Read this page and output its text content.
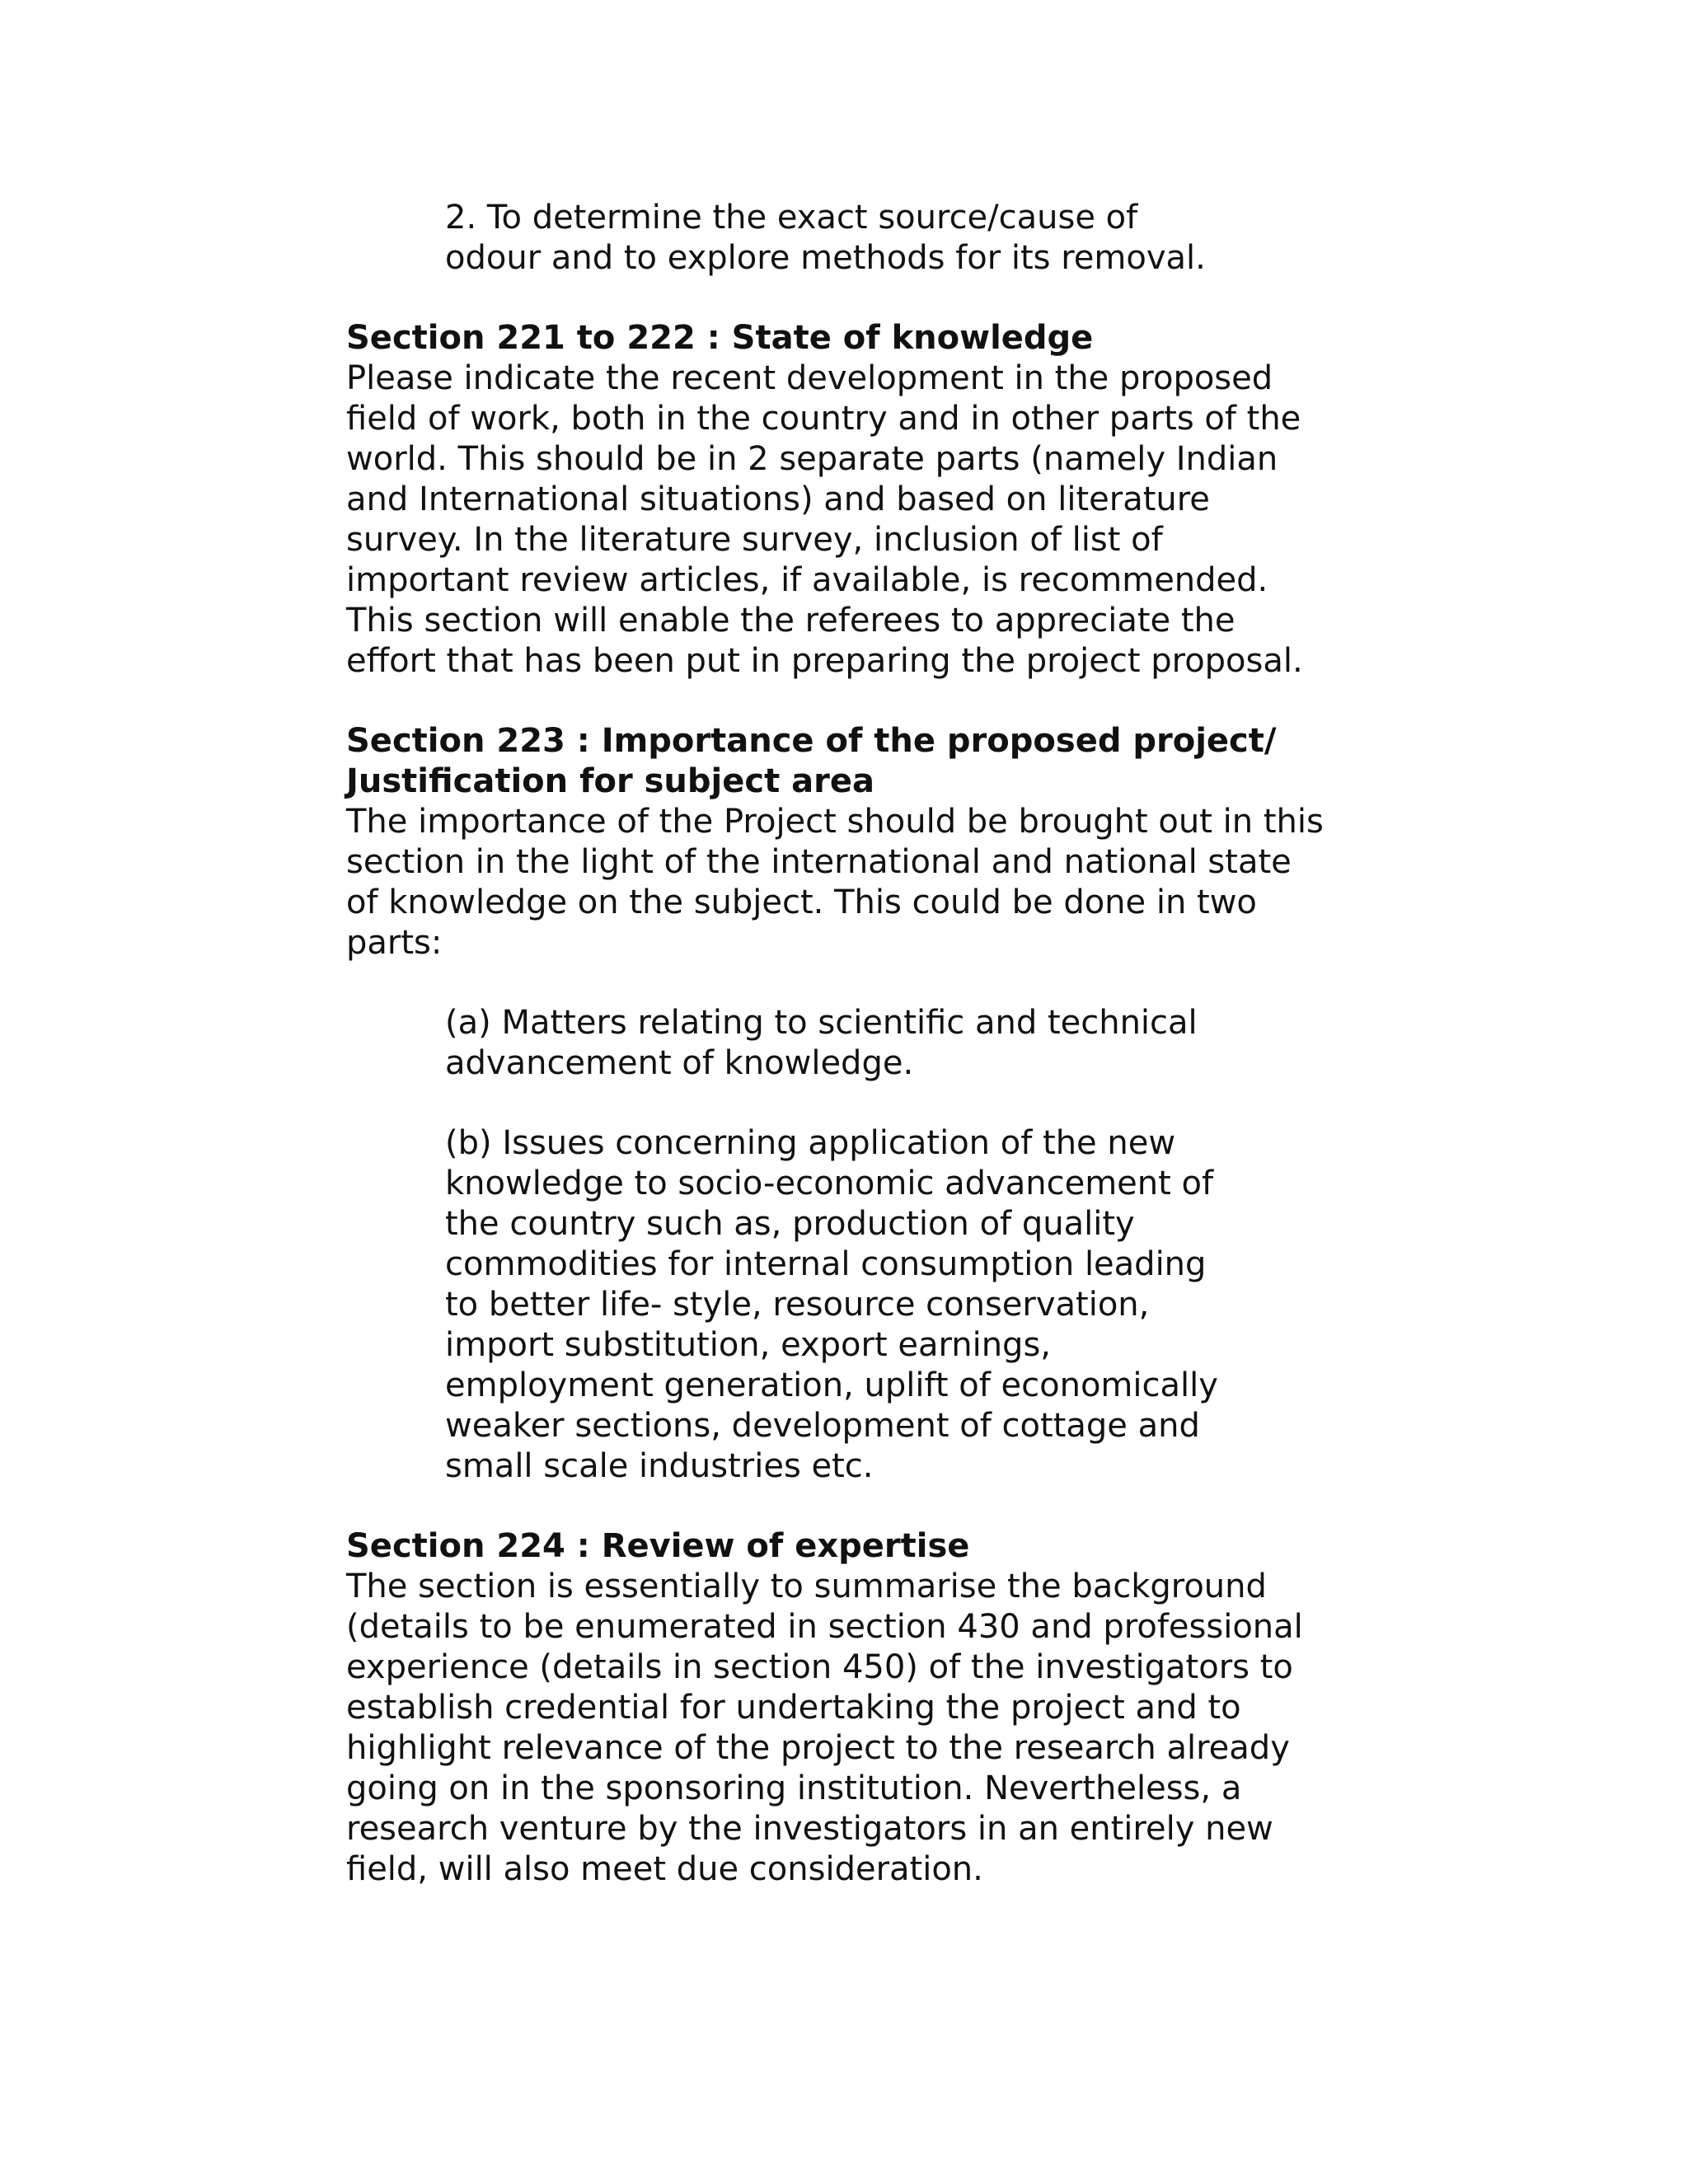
2. To determine the exact source/cause of
odour and to explore methods for its removal.

Section 221 to 222 : State of knowledge

Please indicate the recent development in the proposed
field of work, both in the country and in other parts of the
world. This should be in 2 separate parts (namely Indian
and International situations) and based on literature
survey. In the literature survey, inclusion of list of
important review articles, if available, is recommended.
This section will enable the referees to appreciate the
effort that has been put in preparing the project proposal.

Section 223 : Importance of the proposed project/
Justification for subject area

The importance of the Project should be brought out in this
section in the light of the international and national state
of knowledge on the subject. This could be done in two
parts:

(a) Matters relating to scientific and technical
advancement of knowledge.

(b) Issues concerning application of the new
knowledge to socio-economic advancement of
the country such as, production of quality
commodities for internal consumption leading
to better life- style, resource conservation,
import substitution, export earnings,
employment generation, uplift of economically
weaker sections, development of cottage and
small scale industries etc.

Section 224 : Review of expertise

The section is essentially to summarise the background
(details to be enumerated in section 430 and professional
experience (details in section 450) of the investigators to
establish credential for undertaking the project and to
highlight relevance of the project to the research already
going on in the sponsoring institution. Nevertheless, a
research venture by the investigators in an entirely new
field, will also meet due consideration.
